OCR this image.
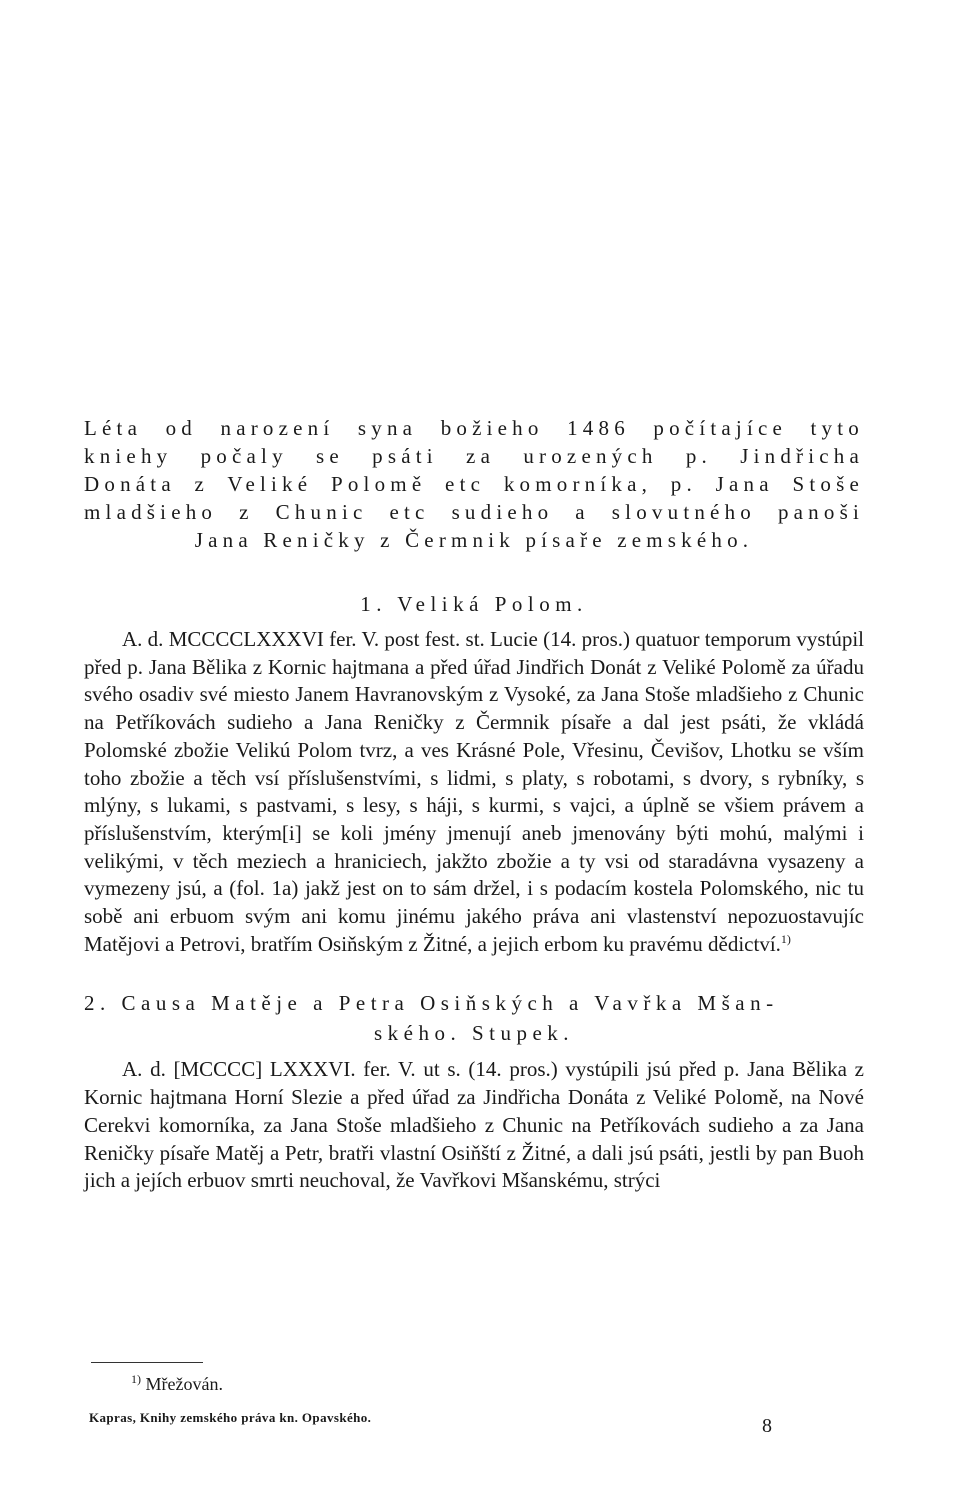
Léta od narození syna božieho 1486 počítajíce tyto
kniehy počaly se psáti za urozených p. Jindřicha
Donáta z Veliké Polomě etc komorníka, p. Jana Stoše
mladšieho z Chunic etc sudieho a slovutného panoši
Jana Reničky z Čermnik písaře zemského.
1. Veliká Polom.
A. d. MCCCCLXXXVI fer. V. post fest. st. Lucie (14. pros.) quatuor temporum vystúpil před p. Jana Bělika z Kornic hajtmana a před úřad Jindřich Donát z Veliké Polomě za úřadu svého osadiv své miesto Janem Havranovským z Vysoké, za Jana Stoše mladšieho z Chunic na Petříkovách sudieho a Jana Reničky z Čermnik písaře a dal jest psáti, že vkládá Polomské zbožie Velikú Polom tvrz, a ves Krásné Pole, Vřesinu, Čevišov, Lhotku se vším toho zbožie a těch vsí příslušenstvími, s lidmi, s platy, s robotami, s dvory, s rybníky, s mlýny, s lukami, s pastvami, s lesy, s háji, s kurmi, s vajci, a úplně se všiem právem a příslušenstvím, kterým[i] se koli jmény jmenují aneb jmenovány býti mohú, malými i velikými, v těch meziech a hraniciech, jakžto zbožie a ty vsi od staradávna vysazeny a vymezeny jsú, a (fol. 1a) jakž jest on to sám držel, i s podacím kostela Polomského, nic tu sobě ani erbuom svým ani komu jinému jakého práva ani vlastenství nepozuostavujíc Matějovi a Petrovi, bratřím Osiňským z Žitné, a jejich erbom ku pravému dědictví.$^{1)}$
2. Causa Matěje a Petra Osiňských a Vavřka Mšan-
ského. Stupek.
A. d. [MCCCC] LXXXVI. fer. V. ut s. (14. pros.) vystúpili jsú před p. Jana Bělika z Kornic hajtmana Horní Slezie a před úřad za Jindřicha Donáta z Veliké Polomě, na Nové Cerekvi komorníka, za Jana Stoše mladšieho z Chunic na Petříkovách sudieho a za Jana Reničky písaře Matěj a Petr, bratři vlastní Osiňští z Žitné, a dali jsú psáti, jestli by pan Buoh jich a jejích erbuov smrti neuchoval, že Vavřkovi Mšanskému, strýci
$^{1)}$ Mřežován.
Kapras, Knihy zemského práva kn. Opavského.	8
